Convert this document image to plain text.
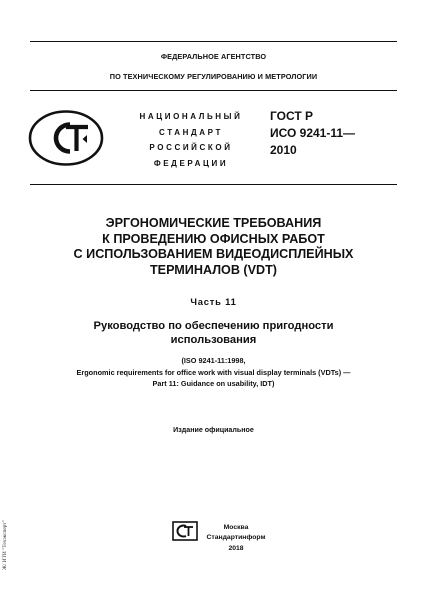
ФЕДЕРАЛЬНОЕ АГЕНТСТВО
ПО ТЕХНИЧЕСКОМУ РЕГУЛИРОВАНИЮ И МЕТРОЛОГИИ
НАЦИОНАЛЬНЫЙ
СТАНДАРТ
РОССИЙСКОЙ
ФЕДЕРАЦИИ
ГОСТ Р
ИСО 9241-11—
2010
ЭРГОНОМИЧЕСКИЕ ТРЕБОВАНИЯ
К ПРОВЕДЕНИЮ ОФИСНЫХ РАБОТ
С ИСПОЛЬЗОВАНИЕМ ВИДЕОДИСПЛЕЙНЫХ
ТЕРМИНАЛОВ (VDT)
Часть 11
Руководство по обеспечению пригодности
использования
(ISO 9241-11:1998,
Ergonomic requirements for office work with visual display terminals (VDTs) —
Part 11: Guidance on usability, IDT)
Издание официальное
Москва
Стандартинформ
2018
Ж/ ИТИ "Техэксперт"
